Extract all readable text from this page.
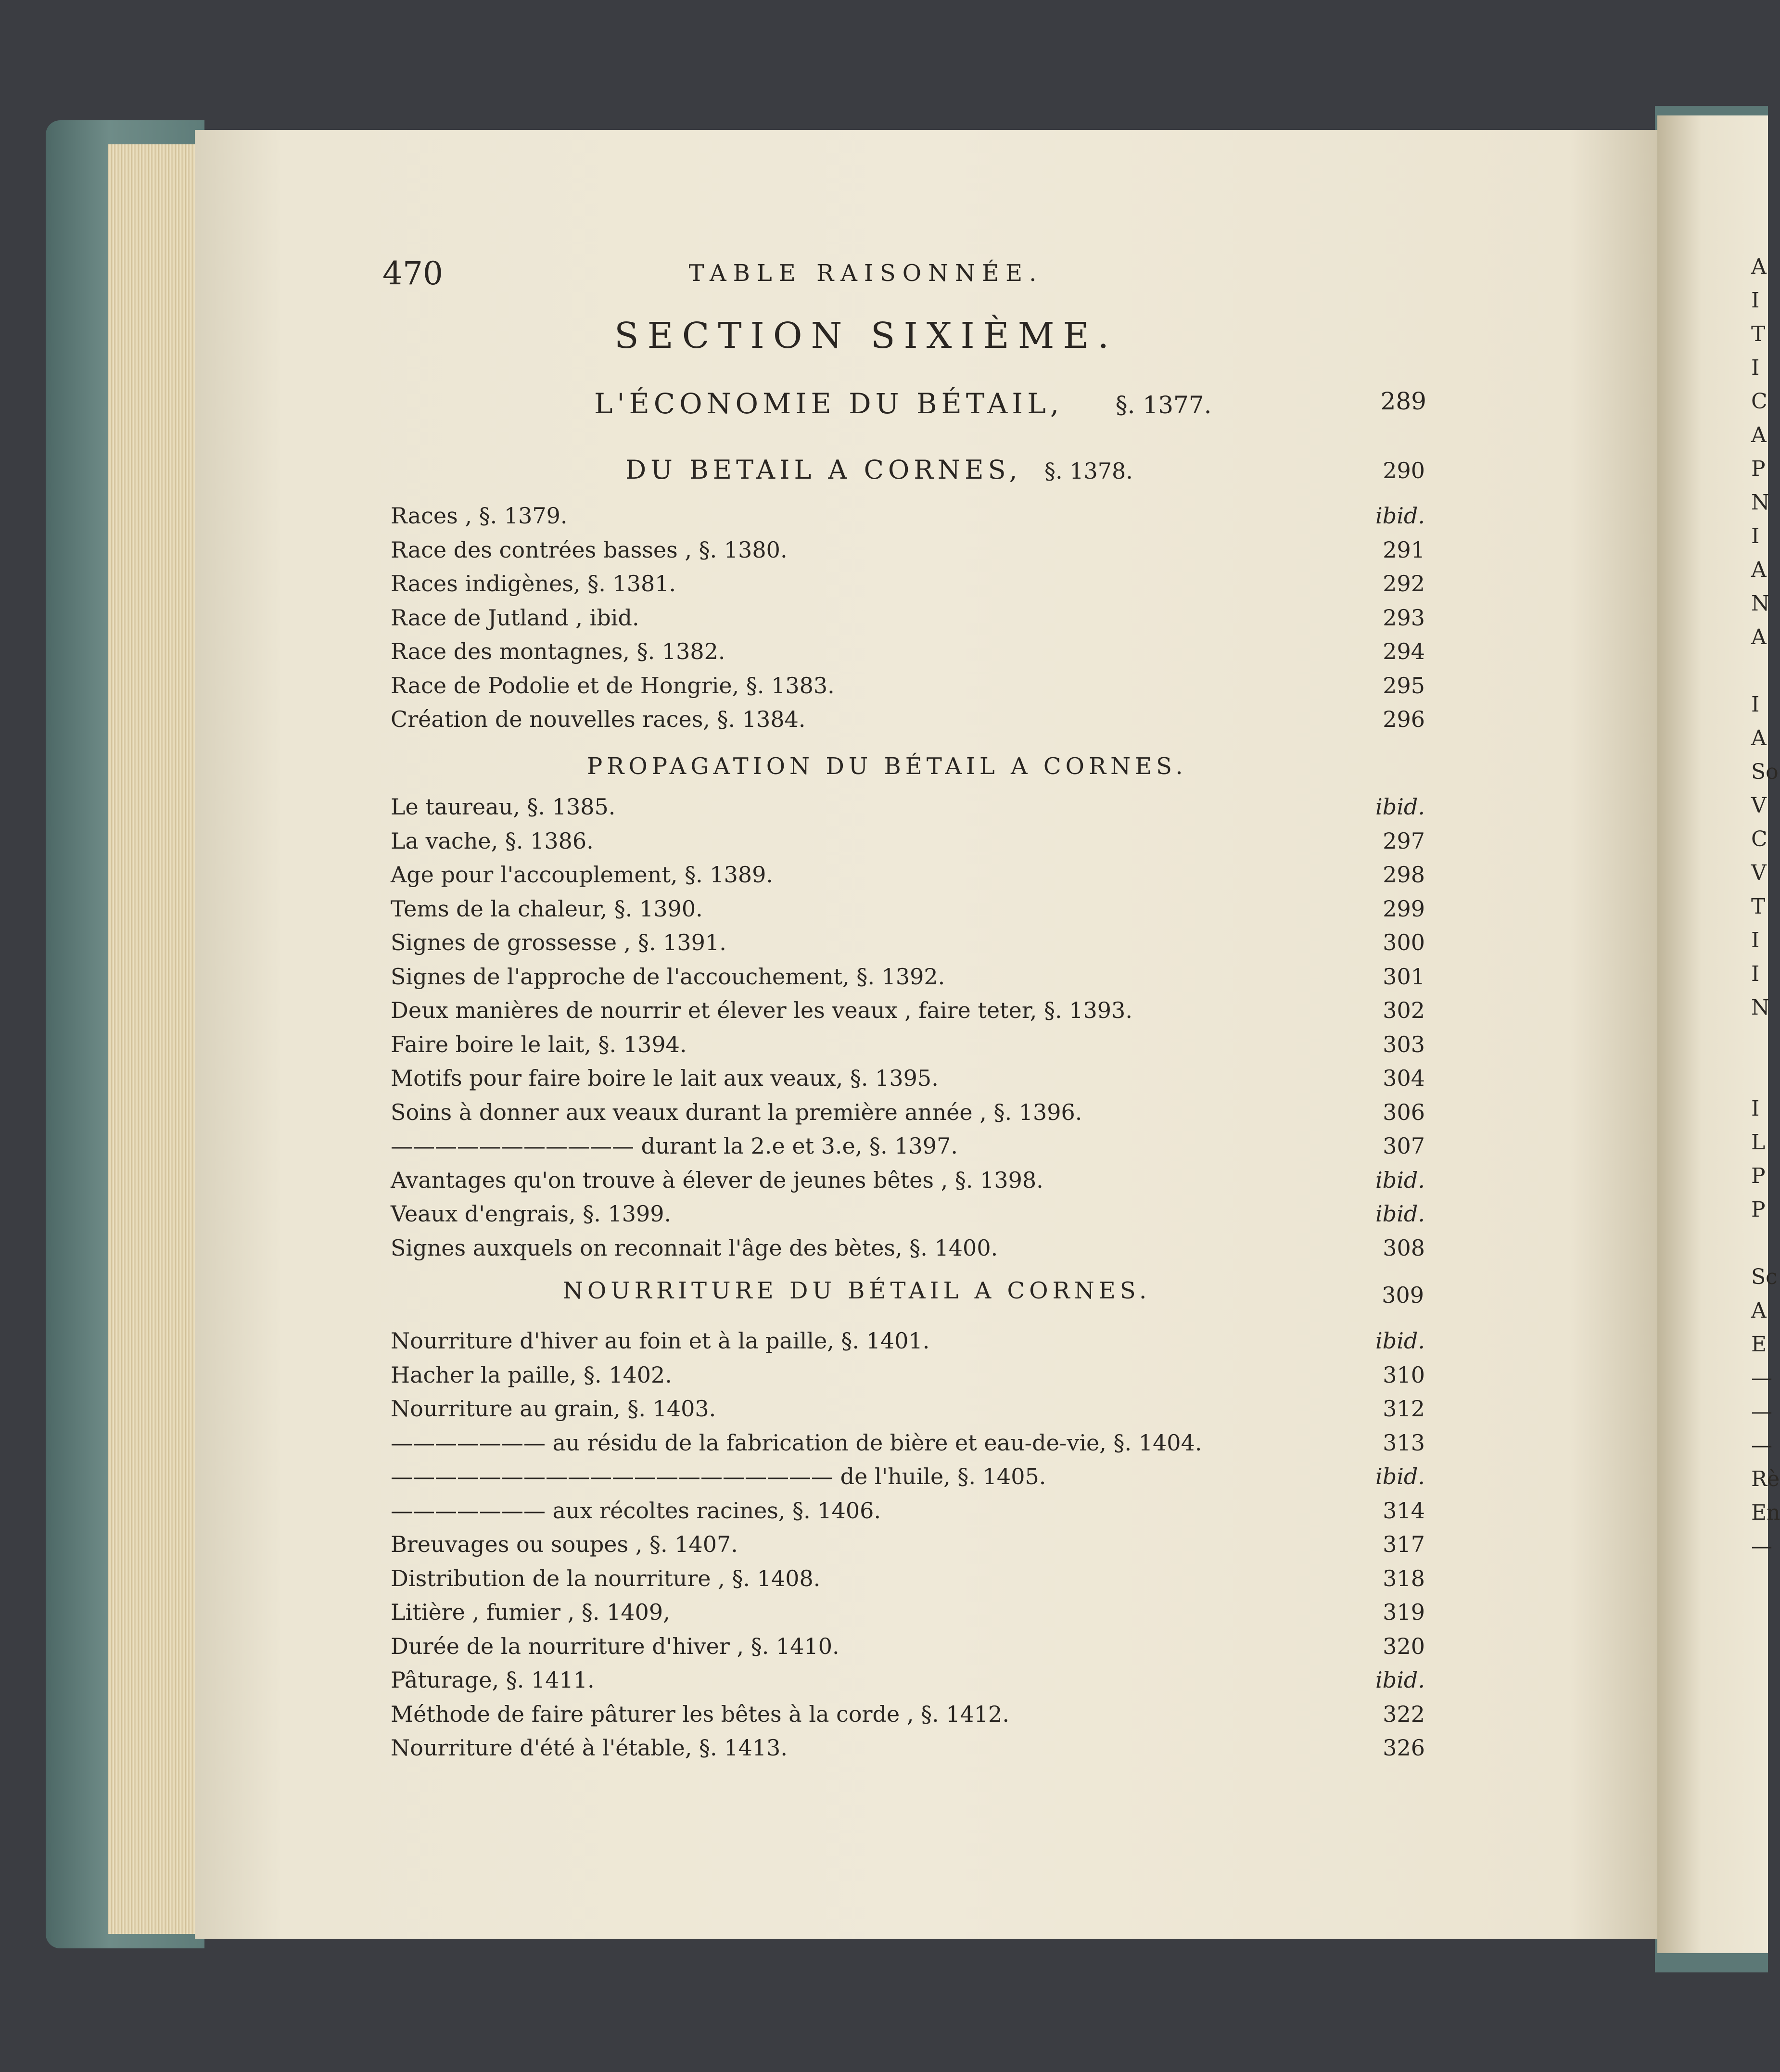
A
I
T
I
C
A
P
N
I
A
N
A

I
A
So
V
C
V
T
I
I
N

I
L
P
P

Sc
A
E
—
—
—
Rè
En
—
470	TABLE RAISONNÉE.
SECTION SIXIÈME.
L'ÉCONOMIE DU BÉTAIL, §. 1377.	289
DU BETAIL A CORNES, §. 1378.	290
Races , §. 1379.	ibid.
Race des contrées basses , §. 1380.	291
Races indigènes, §. 1381.	292
Race de Jutland , ibid.	293
Race des montagnes, §. 1382.	294
Race de Podolie et de Hongrie, §. 1383.	295
Création de nouvelles races, §. 1384.	296
PROPAGATION DU BÉTAIL A CORNES.
Le taureau, §. 1385.	ibid.
La vache, §. 1386.	297
Age pour l'accouplement, §. 1389.	298
Tems de la chaleur, §. 1390.	299
Signes de grossesse , §. 1391.	300
Signes de l'approche de l'accouchement, §. 1392.	301
Deux manières de nourrir et élever les veaux , faire teter, §. 1393.	302
Faire boire le lait, §. 1394.	303
Motifs pour faire boire le lait aux veaux, §. 1395.	304
Soins à donner aux veaux durant la première année , §. 1396.	306
——————————— durant la 2.e et 3.e, §. 1397.	307
Avantages qu'on trouve à élever de jeunes bêtes , §. 1398.	ibid.
Veaux d'engrais, §. 1399.	ibid.
Signes auxquels on reconnait l'âge des bètes, §. 1400.	308
NOURRITURE DU BÉTAIL A CORNES.	309
Nourriture d'hiver au foin et à la paille, §. 1401.	ibid.
Hacher la paille, §. 1402.	310
Nourriture au grain, §. 1403.	312
——————— au résidu de la fabrication de bière et eau-de-vie, §. 1404.	313
———————————————————— de l'huile, §. 1405.	ibid.
——————— aux récoltes racines, §. 1406.	314
Breuvages ou soupes , §. 1407.	317
Distribution de la nourriture , §. 1408.	318
Litière , fumier , §. 1409,	319
Durée de la nourriture d'hiver , §. 1410.	320
Pâturage, §. 1411.	ibid.
Méthode de faire pâturer les bêtes à la corde , §. 1412.	322
Nourriture d'été à l'étable, §. 1413.	326
